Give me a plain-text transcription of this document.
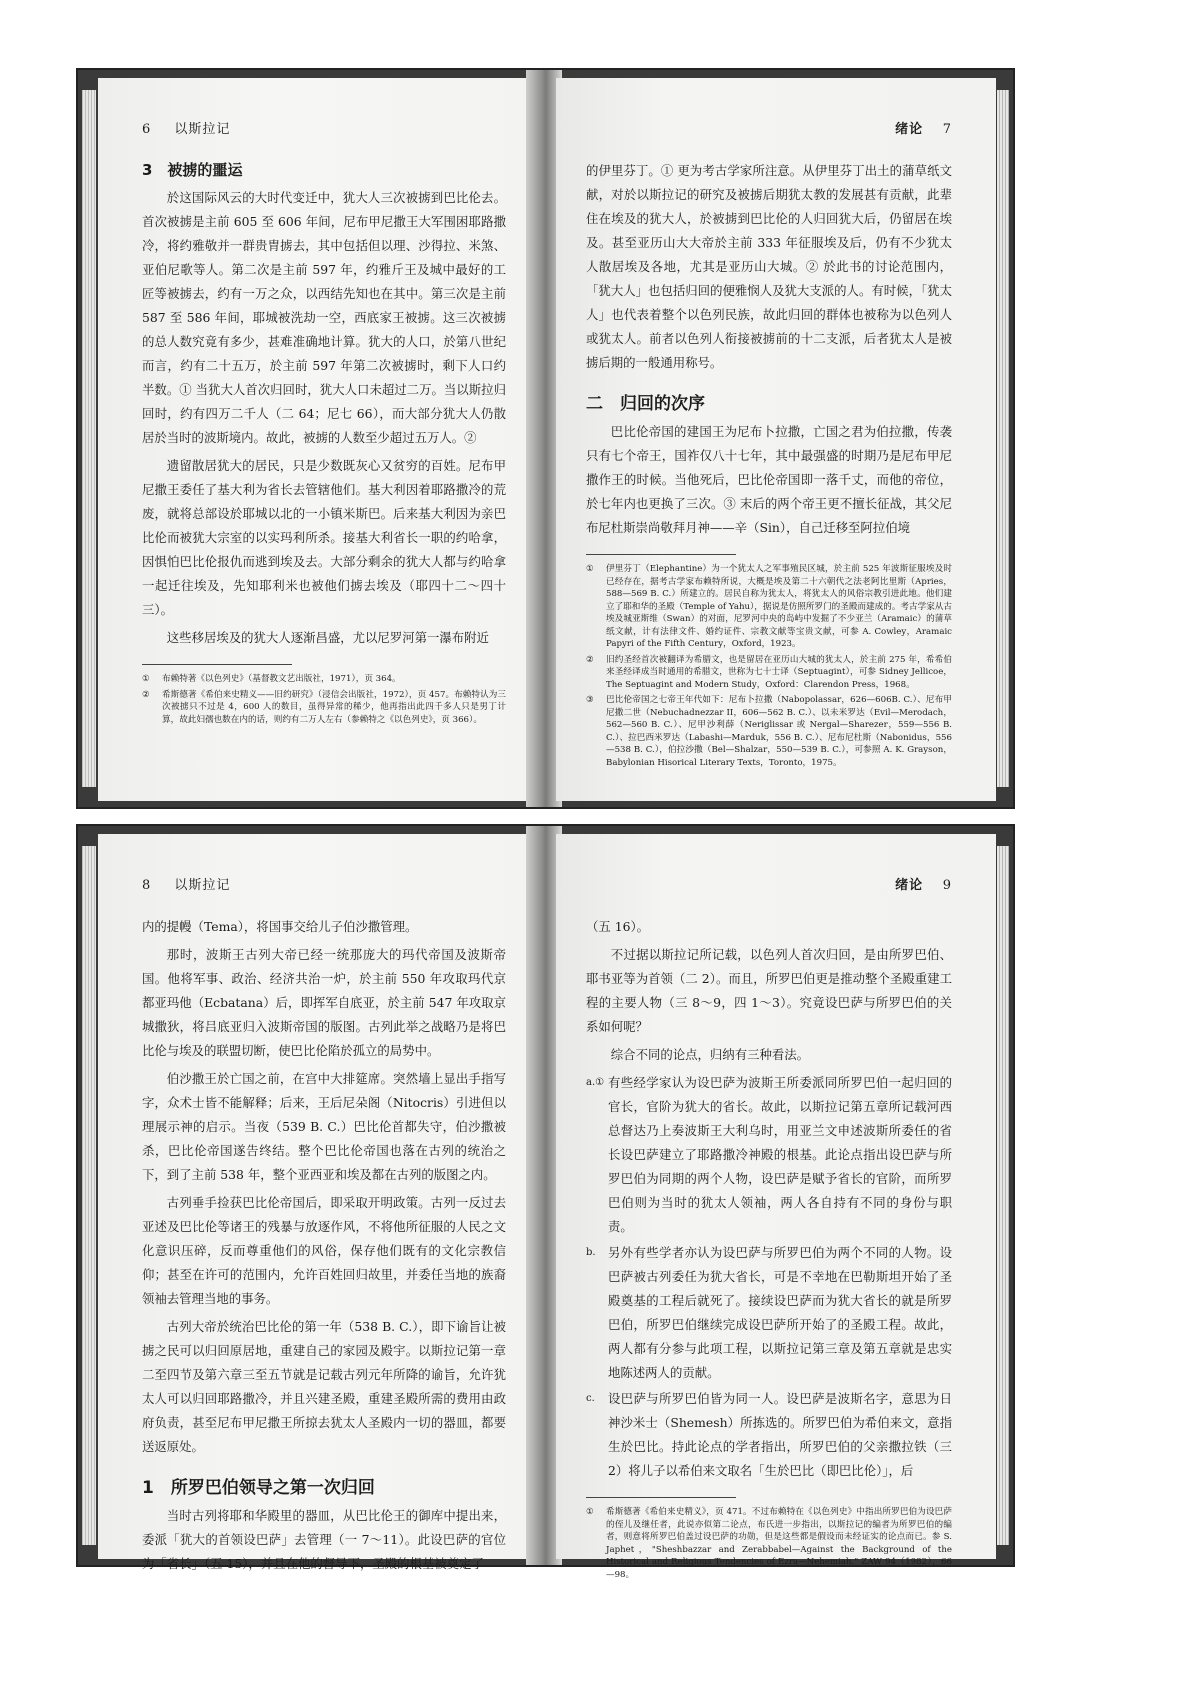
6 以斯拉记
3　被掳的噩运

於这国际风云的大时代变迁中，犹大人三次被掳到巴比伦去。首次被掳是主前 605 至 606 年间，尼布甲尼撒王大军围困耶路撒冷，将约雅敬并一群贵胄掳去，其中包括但以理、沙得拉、米煞、亚伯尼歌等人。第二次是主前 597 年，约雅斤王及城中最好的工匠等被掳去，约有一万之众，以西结先知也在其中。第三次是主前 587 至 586 年间，耶城被洗劫一空，西底家王被掳。这三次被掳的总人数究竟有多少，甚难准确地计算。犹大的人口，於第八世纪而言，约有二十五万，於主前 597 年第二次被掳时，剩下人口约半数。① 当犹大人首次归回时，犹大人口未超过二万。当以斯拉归回时，约有四万二千人（二 64；尼七 66），而大部分犹大人仍散居於当时的波斯境内。故此，被掳的人数至少超过五万人。②

遗留散居犹大的居民，只是少数既灰心又贫穷的百姓。尼布甲尼撒王委任了基大利为省长去管辖他们。基大利因着耶路撒冷的荒废，就将总部设於耶城以北的一小镇米斯巴。后来基大利因为亲巴比伦而被犹大宗室的以实玛利所杀。接基大利省长一职的约哈拿，因惧怕巴比伦报仇而逃到埃及去。大部分剩余的犹大人都与约哈拿一起迁往埃及，先知耶利米也被他们掳去埃及（耶四十二～四十三）。

这些移居埃及的犹大人逐渐昌盛，尤以尼罗河第一瀑布附近

①	布赖特著《以色列史》（基督教文艺出版社，1971），页 364。
②	希斯德著《希伯来史精义——旧约研究》（浸信会出版社，1972），页 457。布赖特认为三次被掳只不过是 4，600 人的数目，虽得异常的稀少，他再指出此四千多人只是男丁计算，故此妇孺也数在内的话，则约有二万人左右（参赖特之《以色列史》，页 366）。
绪论 7

的伊里芬丁。① 更为考古学家所注意。从伊里芬丁出土的蒲草纸文献，对於以斯拉记的研究及被掳后期犹太教的发展甚有贡献，此辈住在埃及的犹大人，於被掳到巴比伦的人归回犹大后，仍留居在埃及。甚至亚历山大大帝於主前 333 年征服埃及后，仍有不少犹太人散居埃及各地，尤其是亚历山大城。② 於此书的讨论范围内，「犹大人」也包括归回的便雅悯人及犹大支派的人。有时候，「犹太人」也代表着整个以色列民族，故此归回的群体也被称为以色列人或犹太人。前者以色列人衔接被掳前的十二支派，后者犹太人是被掳后期的一般通用称号。

二　归回的次序

巴比伦帝国的建国王为尼布卜拉撒，亡国之君为伯拉撒，传袭只有七个帝王，国祚仅八十七年，其中最强盛的时期乃是尼布甲尼撒作王的时候。当他死后，巴比伦帝国即一落千丈，而他的帝位，於七年内也更换了三次。③ 末后的两个帝王更不擅长征战，其父尼布尼杜斯崇尚敬拜月神——辛（Sin），自己迁移至阿拉伯境

①	伊里芬丁（Elephantine）为一个犹太人之军事殖民区城，於主前 525 年波斯征服埃及时已经存在，据考古学家布赖特所说，大概是埃及第二十六朝代之法老阿比里斯（Apries，588—569 B. C.）所建立的。居民自称为犹太人，将犹太人的风俗宗教引进此地。他们建立了耶和华的圣殿（Temple of Yahu），据说是仿照所罗门的圣殿而建成的。考古学家从古埃及城亚斯维（Swan）的对面，尼罗河中央的岛屿中发掘了不少亚兰（Aramaic）的蒲草纸文献，计有法律文件、婚约证件、宗教文献等宝贵文献，可参 A. Cowley，Aramaic Papyri of the Fifth Century，Oxford，1923。
②	旧约圣经首次被翻译为希腊文，也是留居在亚历山大城的犹太人，於主前 275 年，希希伯来圣经译成当时通用的希腊文，世称为七十士译（Septuagint），可参 Sidney Jellicoe，The Septuagint and Modern Study，Oxford：Clarendon Press，1968。
③	巴比伦帝国之七帝王年代如下：尼布卜拉撒（Nabopolassar，626—606B. C.）、尼布甲尼撒二世（Nebuchadnezzar II，606—562 B. C.）、以未米罗达（Evil—Merodach，562—560 B. C.）、尼甲沙利薛（Neriglissar 或 Nergal—Sharezer，559—556 B. C.）、拉巴西米罗达（Labashi—Marduk，556 B. C.）、尼布尼杜斯（Nabonidus，556—538 B. C.），伯拉沙撒（Bel—Shalzar，550—539 B. C.），可参照 A. K. Grayson，Babylonian Hisorical Literary Texts，Toronto，1975。
8 以斯拉记

内的提幔（Tema），将国事交给儿子伯沙撒管理。

那时，波斯王古列大帝已经一统那庞大的玛代帝国及波斯帝国。他将军事、政治、经济共治一炉，於主前 550 年攻取玛代京都亚玛他（Ecbatana）后，即挥军自底亚，於主前 547 年攻取京城撒狄，将吕底亚归入波斯帝国的版图。古列此举之战略乃是将巴比伦与埃及的联盟切断，使巴比伦陷於孤立的局势中。

伯沙撒王於亡国之前，在宫中大排筵席。突然墙上显出手指写字，众术士皆不能解释；后来，王后尼朵阁（Nitocris）引进但以理展示神的启示。当夜（539 B. C.）巴比伦首都失守，伯沙撒被杀，巴比伦帝国遂告终结。整个巴比伦帝国也落在古列的统治之下，到了主前 538 年，整个亚西亚和埃及都在古列的版图之内。

古列垂手捡获巴比伦帝国后，即采取开明政策。古列一反过去亚述及巴比伦等诸王的残暴与放逐作风，不将他所征服的人民之文化意识压碎，反而尊重他们的风俗，保存他们既有的文化宗教信仰；甚至在许可的范围内，允许百姓回归故里，并委任当地的族裔领袖去管理当地的事务。

古列大帝於统治巴比伦的第一年（538 B. C.），即下谕旨让被掳之民可以归回原居地，重建自己的家园及殿宇。以斯拉记第一章二至四节及第六章三至五节就是记载古列元年所降的谕旨，允许犹太人可以归回耶路撒冷，并且兴建圣殿，重建圣殿所需的费用由政府负责，甚至尼布甲尼撒王所掠去犹太人圣殿内一切的器皿，都要送返原处。

1　所罗巴伯领导之第一次归回

当时古列将耶和华殿里的器皿，从巴比伦王的御库中提出来，委派「犹大的首领设巴萨」去管理（一 7～11）。此设巴萨的官位为「省长」（五 15），并且在他的督导下，圣殿的根基被奠定了

绪论 9

（五 16）。

不过据以斯拉记所记载，以色列人首次归回，是由所罗巴伯、耶书亚等为首领（二 2）。而且，所罗巴伯更是推动整个圣殿重建工程的主要人物（三 8～9，四 1～3）。究竟设巴萨与所罗巴伯的关系如何呢？

综合不同的论点，归纳有三种看法。

a.① 有些经学家认为设巴萨为波斯王所委派同所罗巴伯一起归回的官长，官阶为犹大的省长。故此，以斯拉记第五章所记载河西总督达乃上奏波斯王大利乌时，用亚兰文申述波斯所委任的省长设巴萨建立了耶路撒冷神殿的根基。此论点指出设巴萨与所罗巴伯为同期的两个人物，设巴萨是赋予省长的官阶，而所罗巴伯则为当时的犹太人领袖，两人各自持有不同的身份与职责。
b.	另外有些学者亦认为设巴萨与所罗巴伯为两个不同的人物。设巴萨被古列委任为犹大省长，可是不幸地在巴勒斯坦开始了圣殿奠基的工程后就死了。接续设巴萨而为犹大省长的就是所罗巴伯，所罗巴伯继续完成设巴萨所开始了的圣殿工程。故此，两人都有分参与此项工程，以斯拉记第三章及第五章就是忠实地陈述两人的贡献。
c.	设巴萨与所罗巴伯皆为同一人。设巴萨是波斯名字，意思为日神沙米士（Shemesh）所拣选的。所罗巴伯为希伯来文，意指生於巴比。持此论点的学者指出，所罗巴伯的父亲撒拉铁（三 2）将儿子以希伯来文取名「生於巴比（即巴比伦）」，后
①	希斯德著《希伯来史精义》，页 471。不过布赖特在《以色列史》中指出所罗巴伯为设巴萨的侄儿及继任者，此说亦似第二论点，布氏进一步指出，以斯拉记的编者为所罗巴伯的编者，则意将所罗巴伯盖过设巴萨的功勋，但是这些都是假设而未经证实的论点而已。参 S. Japhet，"Sheshbazzar and Zerabbabel—Against the Background of the Historical and Religious Tendencies of Ezra—Nehemiah." ZAW 94（1982），66—98。
